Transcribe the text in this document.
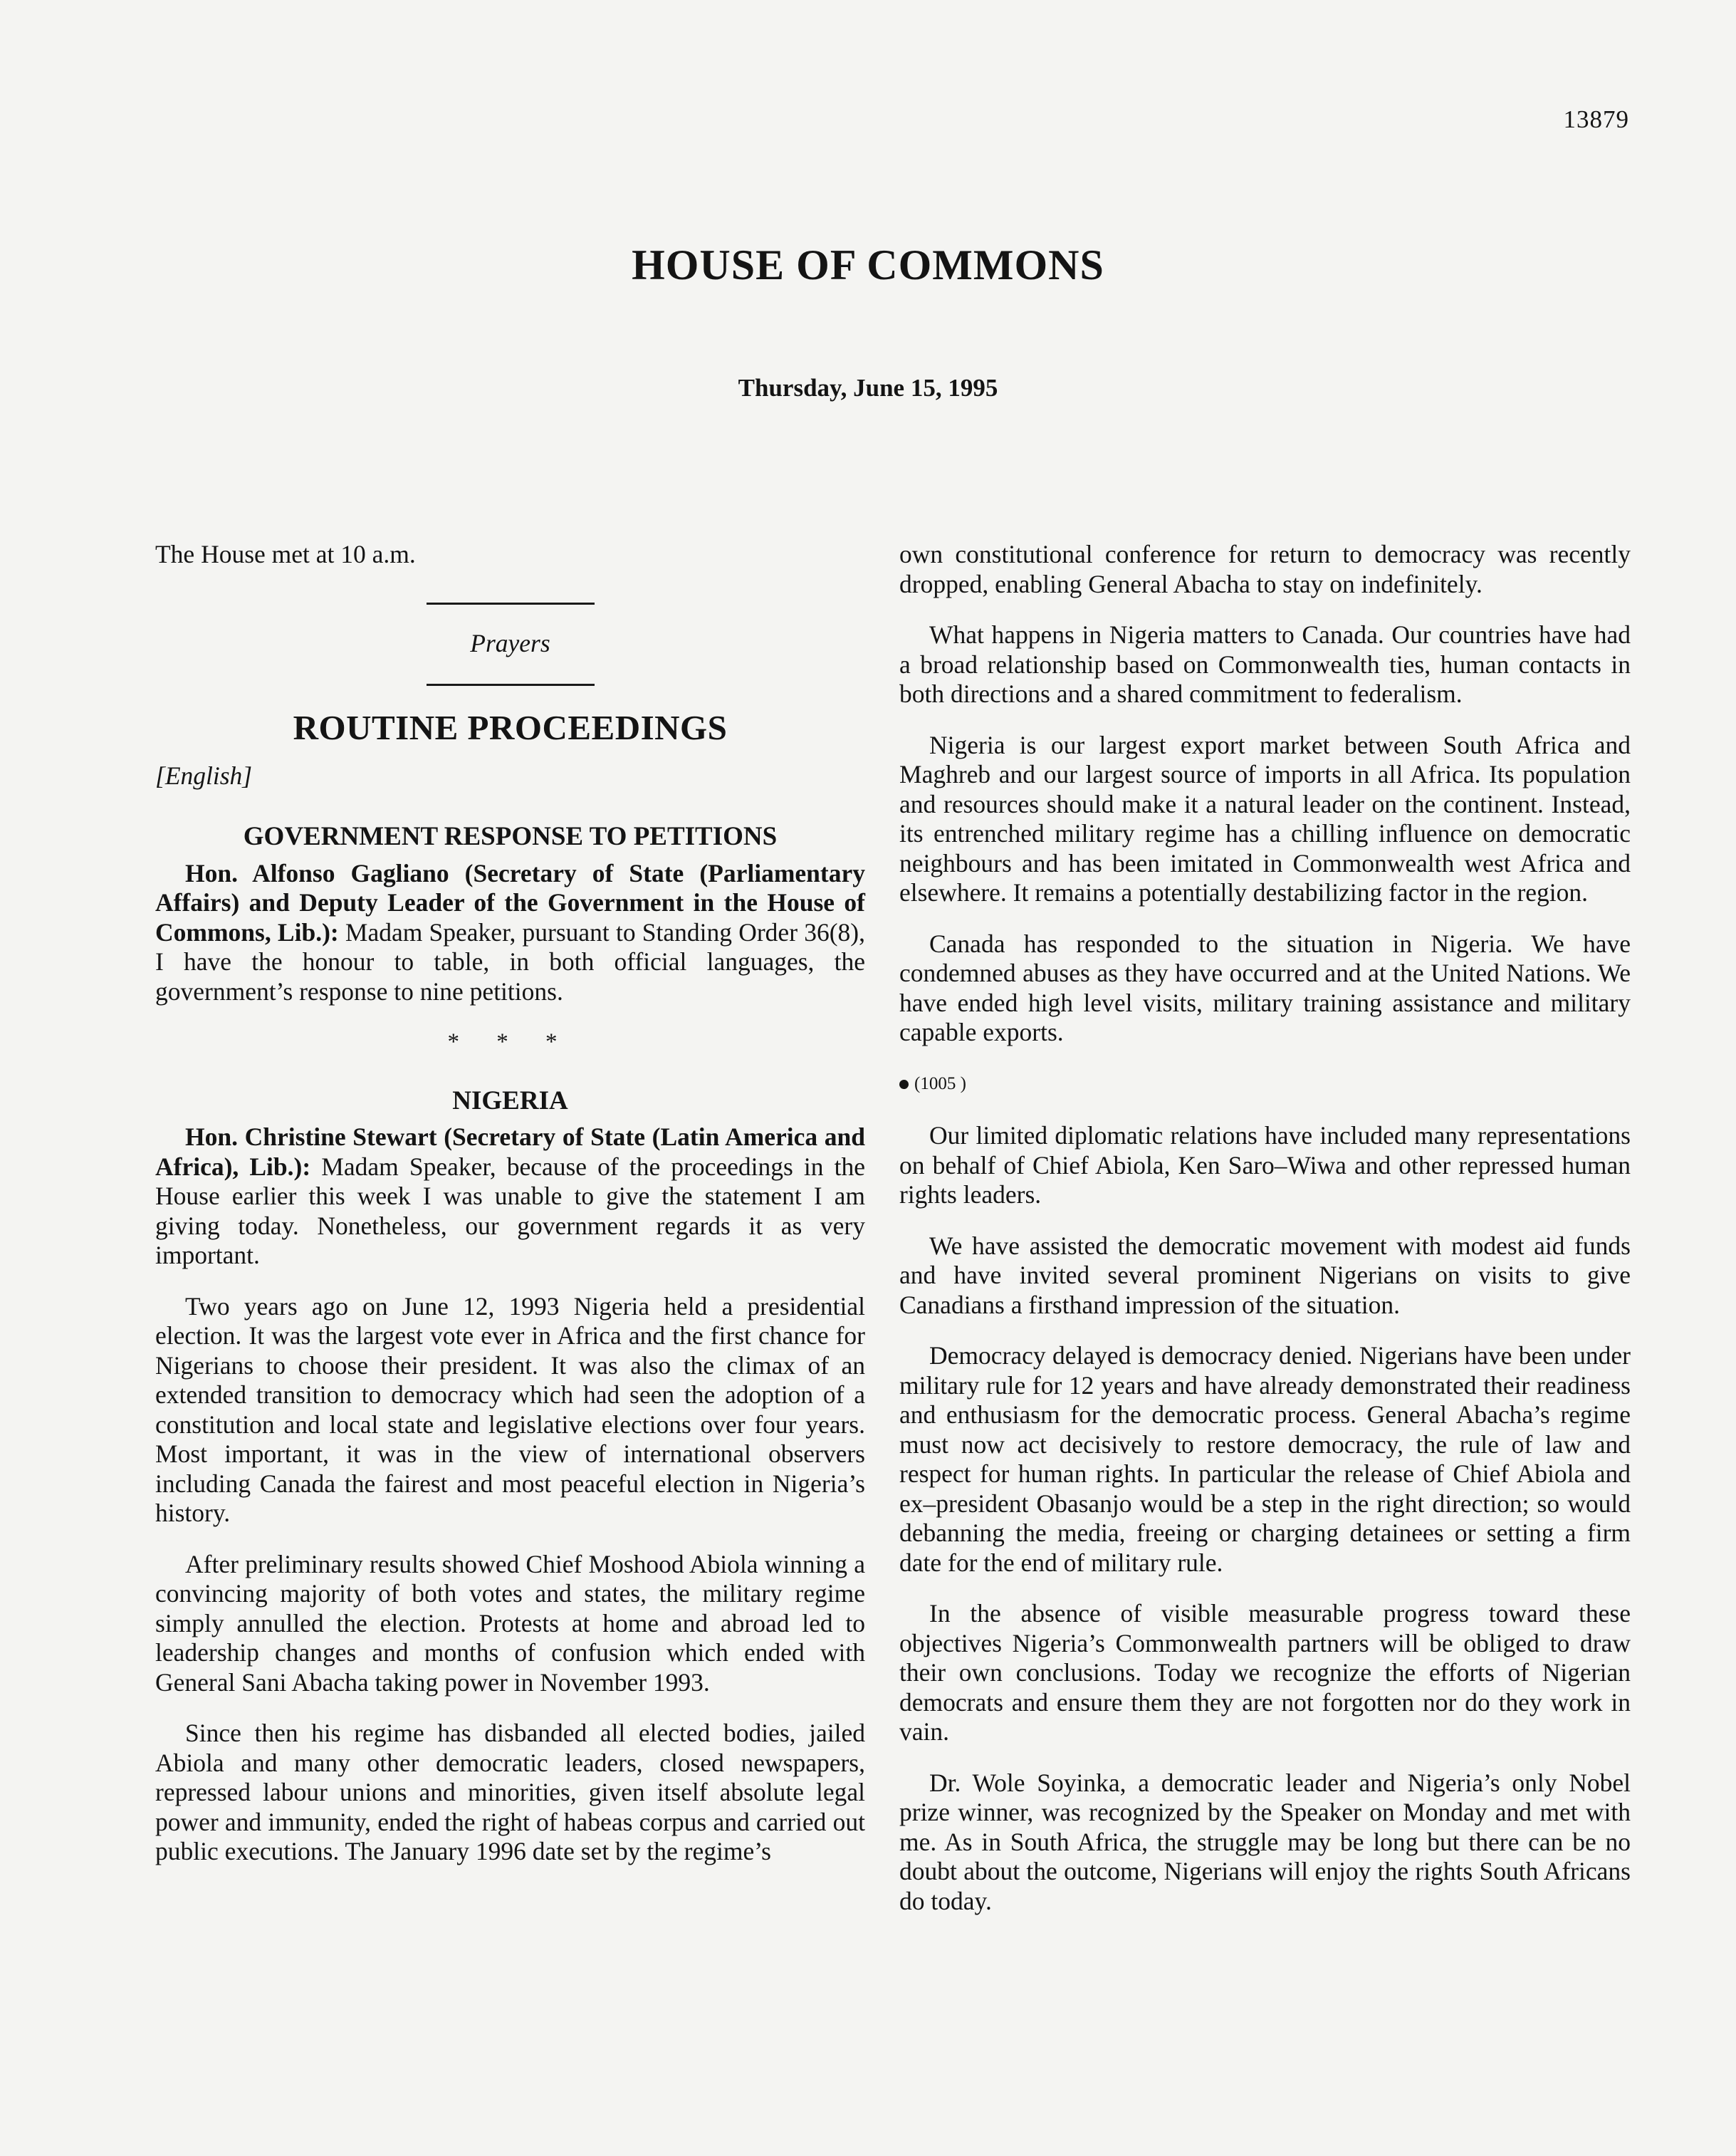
13879
HOUSE OF COMMONS
Thursday, June 15, 1995

The House met at 10 a.m.

Prayers
ROUTINE PROCEEDINGS
[English]
GOVERNMENT RESPONSE TO PETITIONS

Hon. Alfonso Gagliano (Secretary of State (Parliamentary Affairs) and Deputy Leader of the Government in the House of Commons, Lib.): Madam Speaker, pursuant to Standing Order 36(8), I have the honour to table, in both official languages, the government’s response to nine petitions.

* * *
NIGERIA

Hon. Christine Stewart (Secretary of State (Latin America and Africa), Lib.): Madam Speaker, because of the proceedings in the House earlier this week I was unable to give the statement I am giving today. Nonetheless, our government regards it as very important.

Two years ago on June 12, 1993 Nigeria held a presidential election. It was the largest vote ever in Africa and the first chance for Nigerians to choose their president. It was also the climax of an extended transition to democracy which had seen the adoption of a constitution and local state and legislative elections over four years. Most important, it was in the view of international observers including Canada the fairest and most peaceful election in Nigeria’s history.

After preliminary results showed Chief Moshood Abiola winning a convincing majority of both votes and states, the military regime simply annulled the election. Protests at home and abroad led to leadership changes and months of confusion which ended with General Sani Abacha taking power in November 1993.

Since then his regime has disbanded all elected bodies, jailed Abiola and many other democratic leaders, closed newspapers, repressed labour unions and minorities, given itself absolute legal power and immunity, ended the right of habeas corpus and carried out public executions. The January 1996 date set by the regime’s

own constitutional conference for return to democracy was recently dropped, enabling General Abacha to stay on indefinitely.

What happens in Nigeria matters to Canada. Our countries have had a broad relationship based on Commonwealth ties, human contacts in both directions and a shared commitment to federalism.

Nigeria is our largest export market between South Africa and Maghreb and our largest source of imports in all Africa. Its population and resources should make it a natural leader on the continent. Instead, its entrenched military regime has a chilling influence on democratic neighbours and has been imitated in Commonwealth west Africa and elsewhere. It remains a potentially destabilizing factor in the region.

Canada has responded to the situation in Nigeria. We have condemned abuses as they have occurred and at the United Nations. We have ended high level visits, military training assistance and military capable exports.

(1005 )

Our limited diplomatic relations have included many representations on behalf of Chief Abiola, Ken Saro–Wiwa and other repressed human rights leaders.

We have assisted the democratic movement with modest aid funds and have invited several prominent Nigerians on visits to give Canadians a firsthand impression of the situation.

Democracy delayed is democracy denied. Nigerians have been under military rule for 12 years and have already demonstrated their readiness and enthusiasm for the democratic process. General Abacha’s regime must now act decisively to restore democracy, the rule of law and respect for human rights. In particular the release of Chief Abiola and ex–president Obasanjo would be a step in the right direction; so would debanning the media, freeing or charging detainees or setting a firm date for the end of military rule.

In the absence of visible measurable progress toward these objectives Nigeria’s Commonwealth partners will be obliged to draw their own conclusions. Today we recognize the efforts of Nigerian democrats and ensure them they are not forgotten nor do they work in vain.

Dr. Wole Soyinka, a democratic leader and Nigeria’s only Nobel prize winner, was recognized by the Speaker on Monday and met with me. As in South Africa, the struggle may be long but there can be no doubt about the outcome, Nigerians will enjoy the rights South Africans do today.
